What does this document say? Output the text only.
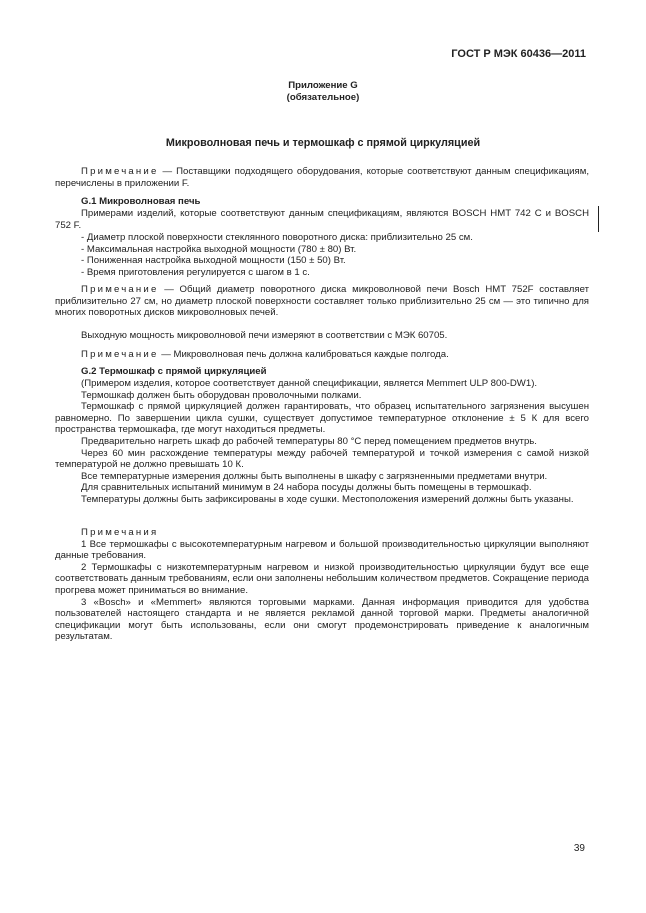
ГОСТ Р МЭК 60436—2011
Приложение G
(обязательное)
Микроволновая печь и термошкаф с прямой циркуляцией
Примечание — Поставщики подходящего оборудования, которые соответствуют данным спецификациям, перечислены в приложении F.
G.1 Микроволновая печь
Примерами изделий, которые соответствуют данным спецификациям, являются BOSCH HMT 742 C и BOSCH 752 F.
- Диаметр плоской поверхности стеклянного поворотного диска: приблизительно 25 см.
- Максимальная настройка выходной мощности (780 ± 80) Вт.
- Пониженная настройка выходной мощности (150 ± 50) Вт.
- Время приготовления регулируется с шагом в 1 с.
Примечание — Общий диаметр поворотного диска микроволновой печи Bosch HMT 752F составляет приблизительно 27 см, но диаметр плоской поверхности составляет только приблизительно 25 см — это типично для многих поворотных дисков микроволновых печей.
Выходную мощность микроволновой печи измеряют в соответствии с МЭК 60705.
Примечание — Микроволновая печь должна калиброваться каждые полгода.
G.2 Термошкаф с прямой циркуляцией
(Примером изделия, которое соответствует данной спецификации, является Memmert ULP 800-DW1).
Термошкаф должен быть оборудован проволочными полками.
Термошкаф с прямой циркуляцией должен гарантировать, что образец испытательного загрязнения высушен равномерно. По завершении цикла сушки, существует допустимое температурное отклонение ± 5 К для всего пространства термошкафа, где могут находиться предметы.
Предварительно нагреть шкаф до рабочей температуры 80 °С перед помещением предметов внутрь.
Через 60 мин расхождение температуры между рабочей температурой и точкой измерения с самой низкой температурой не должно превышать 10 К.
Все температурные измерения должны быть выполнены в шкафу с загрязненными предметами внутри.
Для сравнительных испытаний минимум в 24 набора посуды должны быть помещены в термошкаф.
Температуры должны быть зафиксированы в ходе сушки. Местоположения измерений должны быть указаны.
Примечания
1 Все термошкафы с высокотемпературным нагревом и большой производительностью циркуляции выполняют данные требования.
2 Термошкафы с низкотемпературным нагревом и низкой производительностью циркуляции будут все еще соответствовать данным требованиям, если они заполнены небольшим количеством предметов. Сокращение периода прогрева может приниматься во внимание.
3 «Bosch» и «Memmert» являются торговыми марками. Данная информация приводится для удобства пользователей настоящего стандарта и не является рекламой данной торговой марки. Предметы аналогичной спецификации могут быть использованы, если они смогут продемонстрировать приведение к аналогичным результатам.
39
